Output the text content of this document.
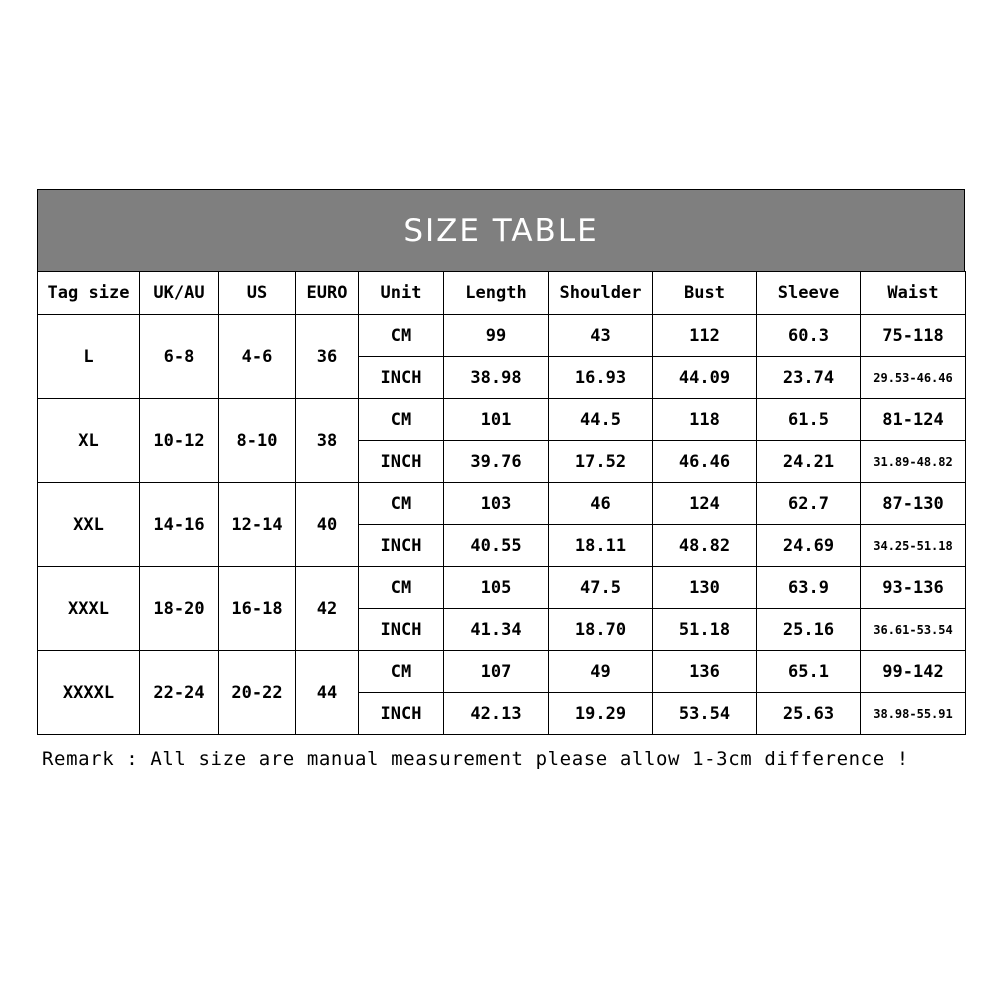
SIZE TABLE
Tag size	UK/AU	US	EURO	Unit	Length	Shoulder	Bust	Sleeve	Waist
L	6-8	4-6	36	CM	99	43	112	60.3	75-118
				INCH	38.98	16.93	44.09	23.74	29.53-46.46
XL	10-12	8-10	38	CM	101	44.5	118	61.5	81-124
				INCH	39.76	17.52	46.46	24.21	31.89-48.82
XXL	14-16	12-14	40	CM	103	46	124	62.7	87-130
				INCH	40.55	18.11	48.82	24.69	34.25-51.18
XXXL	18-20	16-18	42	CM	105	47.5	130	63.9	93-136
				INCH	41.34	18.70	51.18	25.16	36.61-53.54
XXXXL	22-24	20-22	44	CM	107	49	136	65.1	99-142
				INCH	42.13	19.29	53.54	25.63	38.98-55.91
Remark : All size are manual measurement please allow 1-3cm difference !
